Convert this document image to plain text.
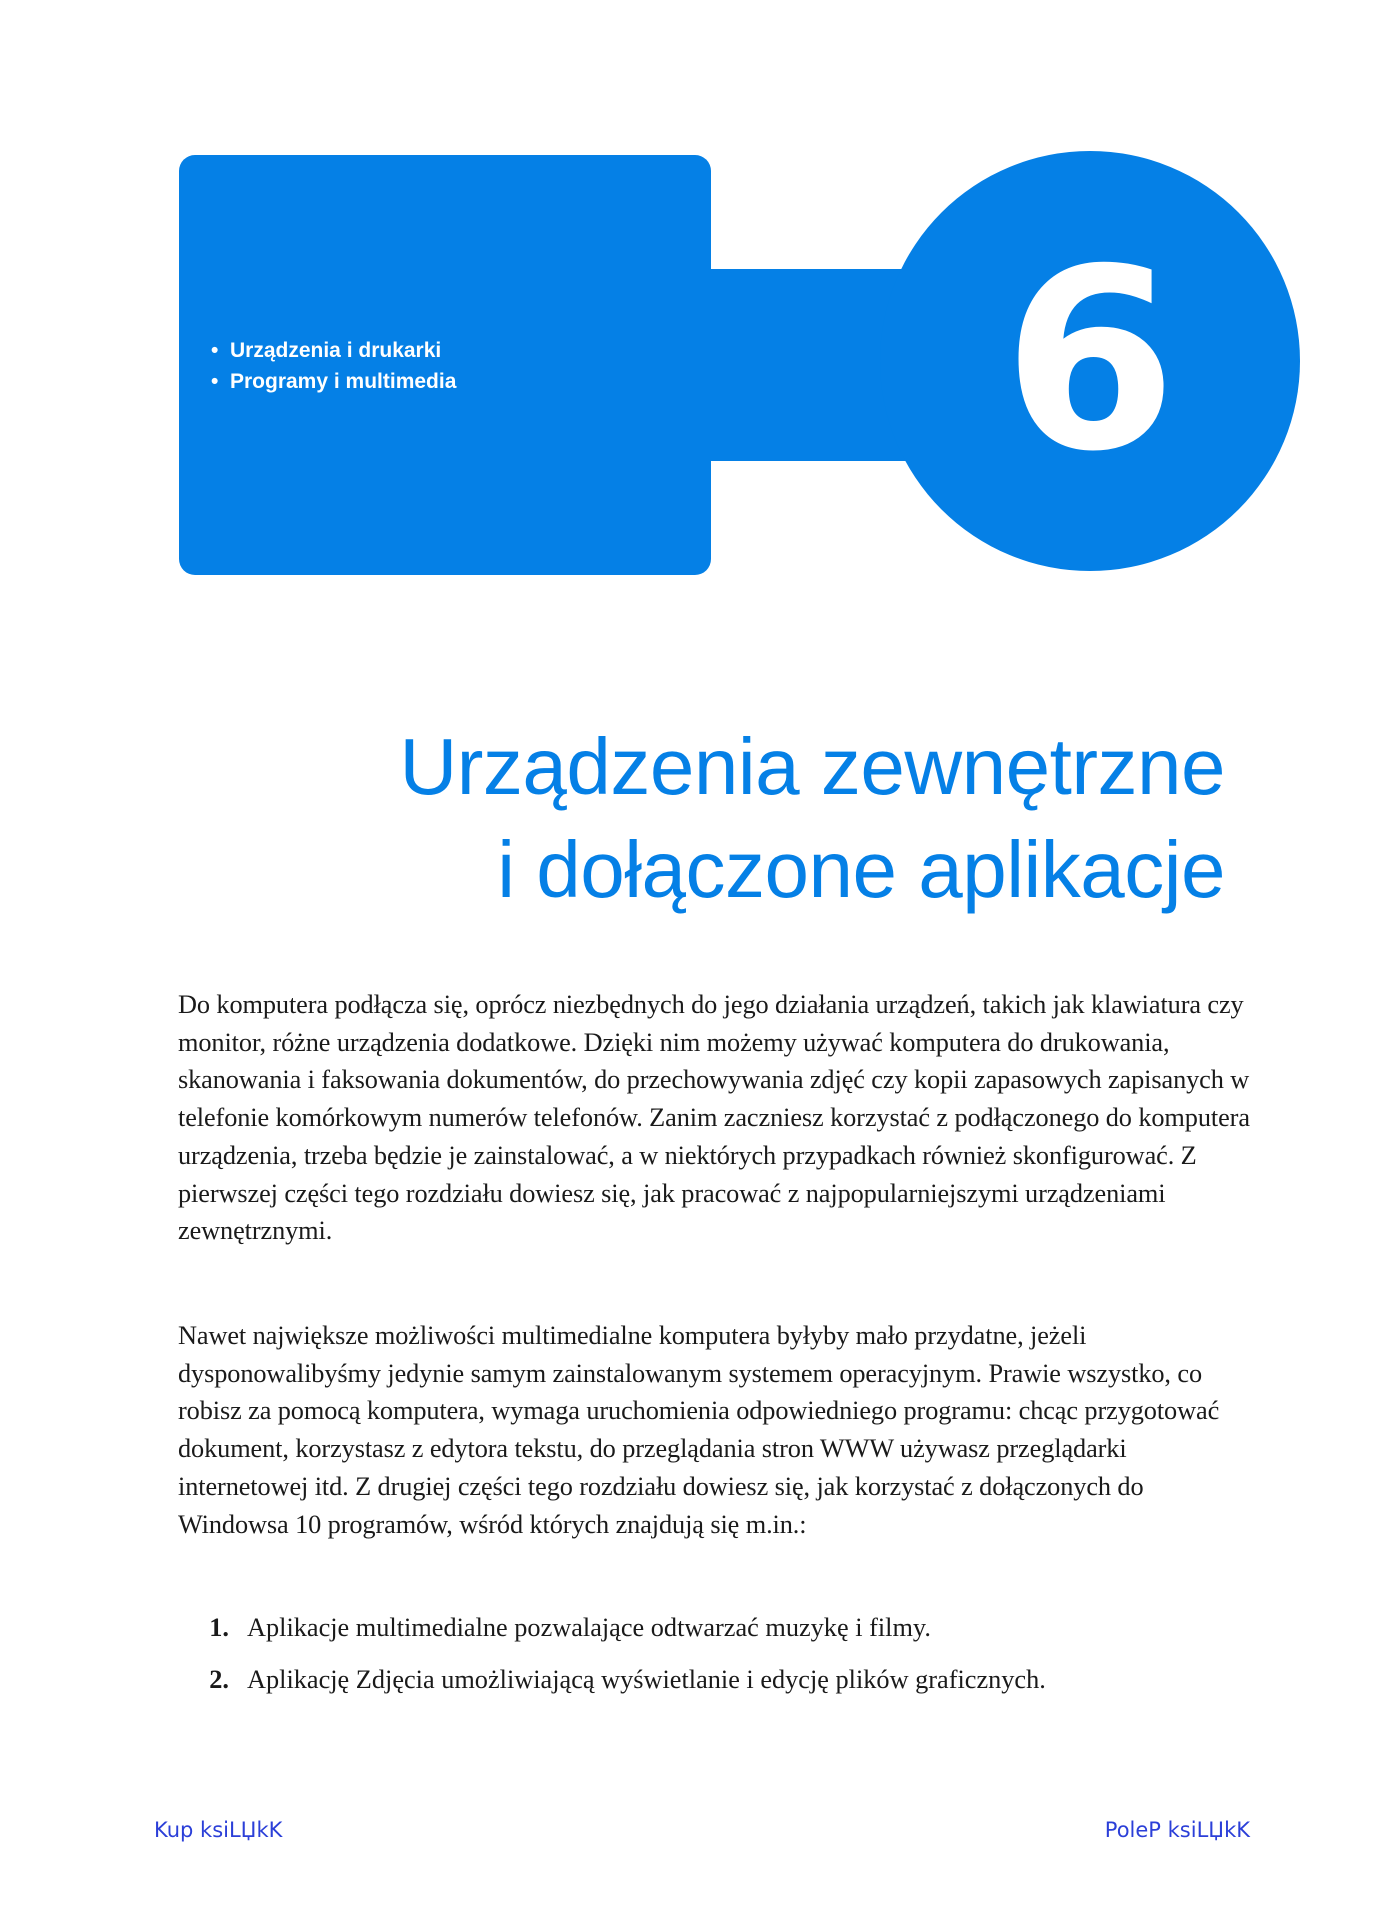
6
• Urządzenia i drukarki
• Programy i multimedia
Urządzenia zewnętrzne
i dołączone aplikacje

Do komputera podłącza się, oprócz niezbędnych do jego działania urządzeń, takich jak klawiatura czy monitor, różne urządzenia dodatkowe. Dzięki nim możemy używać komputera do drukowania, skanowania i faksowania dokumentów, do przechowywania zdjęć czy kopii zapasowych zapisanych w telefonie komórkowym numerów telefonów. Zanim zaczniesz korzystać z podłączonego do komputera urządzenia, trzeba będzie je zainstalować, a w niektórych przypadkach również skonfigurować. Z pierwszej części tego rozdziału dowiesz się, jak pracować z najpopularniejszymi urządzeniami zewnętrznymi.

Nawet największe możliwości multimedialne komputera byłyby mało przydatne, jeżeli dysponowalibyśmy jedynie samym zainstalowanym systemem operacyjnym. Prawie wszystko, co robisz za pomocą komputera, wymaga uruchomienia odpowiedniego programu: chcąc przygotować dokument, korzystasz z edytora tekstu, do przeglądania stron WWW używasz przeglądarki internetowej itd. Z drugiej części tego rozdziału dowiesz się, jak korzystać z dołączonych do Windowsa 10 programów, wśród których znajdują się m.in.:

1. Aplikacje multimedialne pozwalające odtwarzać muzykę i filmy.
2. Aplikację Zdjęcia umożliwiającą wyświetlanie i edycję plików graficznych.
Kup ksiLЏkK	PoleP ksiLЏkK
